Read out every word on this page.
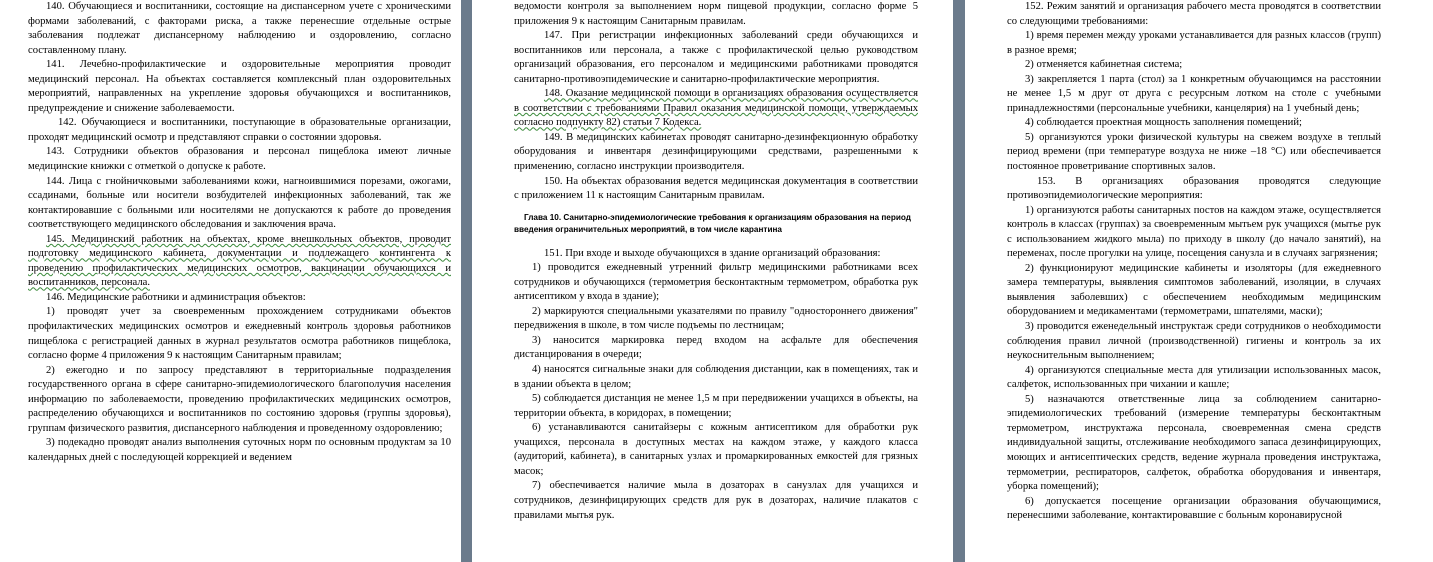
140. Обучающиеся и воспитанники, состоящие на диспансерном учете с хроническими формами заболеваний, с факторами риска, а также перенесшие отдельные острые заболевания подлежат диспансерному наблюдению и оздоровлению, согласно составленному плану.

141. Лечебно-профилактические и оздоровительные мероприятия проводит медицинский персонал. На объектах составляется комплексный план оздоровительных мероприятий, направленных на укрепление здоровья обучающихся и воспитанников, предупреждение и снижение заболеваемости.

142. Обучающиеся и воспитанники, поступающие в образовательные организации, проходят медицинский осмотр и представляют справки о состоянии здоровья.

143. Сотрудники объектов образования и персонал пищеблока имеют личные медицинские книжки с отметкой о допуске к работе.

144. Лица с гнойничковыми заболеваниями кожи, нагноившимися порезами, ожогами, ссадинами, больные или носители возбудителей инфекционных заболеваний, так же контактировавшие с больными или носителями не допускаются к работе до проведения соответствующего медицинского обследования и заключения врача.

145. Медицинский работник на объектах, кроме внешкольных объектов, проводит подготовку медицинского кабинета, документации и подлежащего контингента к проведению профилактических медицинских осмотров, вакцинации обучающихся и воспитанников, персонала.

146. Медицинские работники и администрация объектов:

1) проводят учет за своевременным прохождением сотрудниками объектов профилактических медицинских осмотров и ежедневный контроль здоровья работников пищеблока с регистрацией данных в журнал результатов осмотра работников пищеблока, согласно форме 4 приложения 9 к настоящим Санитарным правилам;

2) ежегодно и по запросу представляют в территориальные подразделения государственного органа в сфере санитарно-эпидемиологического благополучия населения информацию по заболеваемости, проведению профилактических медицинских осмотров, распределению обучающихся и воспитанников по состоянию здоровья (группы здоровья), группам физического развития, диспансерного наблюдения и проведенному оздоровлению;

3) подекадно проводят анализ выполнения суточных норм по основным продуктам за 10 календарных дней с последующей коррекцией и ведением

ведомости контроля за выполнением норм пищевой продукции, согласно форме 5 приложения 9 к настоящим Санитарным правилам.

147. При регистрации инфекционных заболеваний среди обучающихся и воспитанников или персонала, а также с профилактической целью руководством организаций образования, его персоналом и медицинскими работниками проводятся санитарно-противоэпидемические и санитарно-профилактические мероприятия.

148. Оказание медицинской помощи в организациях образования осуществляется в соответствии с требованиями Правил оказания медицинской помощи, утверждаемых согласно подпункту 82) статьи 7 Кодекса.

149. В медицинских кабинетах проводят санитарно-дезинфекционную обработку оборудования и инвентаря дезинфицирующими средствами, разрешенными к применению, согласно инструкции производителя.

150. На объектах образования ведется медицинская документация в соответствии с приложением 11 к настоящим Санитарным правилам.

Глава 10. Санитарно-эпидемиологические требования к организациям образования на период введения ограничительных мероприятий, в том числе карантина

151. При входе и выходе обучающихся в здание организаций образования:

1) проводится ежедневный утренний фильтр медицинскими работниками всех сотрудников и обучающихся (термометрия бесконтактным термометром, обработка рук антисептиком у входа в здание);

2) маркируются специальными указателями по правилу "одностороннего движения" передвижения в школе, в том числе подъемы по лестницам;

3) наносится маркировка перед входом на асфальте для обеспечения дистанцирования в очереди;

4) наносятся сигнальные знаки для соблюдения дистанции, как в помещениях, так и в здании объекта в целом;

5) соблюдается дистанция не менее 1,5 м при передвижении учащихся в объекты, на территории объекта, в коридорах, в помещении;

6) устанавливаются санитайзеры с кожным антисептиком для обработки рук учащихся, персонала в доступных местах на каждом этаже, у каждого класса (аудиторий, кабинета), в санитарных узлах и промаркированных емкостей для грязных масок;

7) обеспечивается наличие мыла в дозаторах в санузлах для учащихся и сотрудников, дезинфицирующих средств для рук в дозаторах, наличие плакатов с правилами мытья рук.

152. Режим занятий и организация рабочего места проводятся в соответствии со следующими требованиями:

1) время перемен между уроками устанавливается для разных классов (групп) в разное время;

2) отменяется кабинетная система;

3) закрепляется 1 парта (стол) за 1 конкретным обучающимся на расстоянии не менее 1,5 м друг от друга с ресурсным лотком на столе с учебными принадлежностями (персональные учебники, канцелярия) на 1 учебный день;

4) соблюдается проектная мощность заполнения помещений;

5) организуются уроки физической культуры на свежем воздухе в теплый период времени (при температуре воздуха не ниже –18 °С) или обеспечивается постоянное проветривание спортивных залов.

153. В организациях образования проводятся следующие противоэпидемиологические мероприятия:

1) организуются работы санитарных постов на каждом этаже, осуществляется контроль в классах (группах) за своевременным мытьем рук учащихся (мытье рук с использованием жидкого мыла) по приходу в школу (до начало занятий), на переменах, после прогулки на улице, посещения санузла и в случаях загрязнения;

2) функционируют медицинские кабинеты и изоляторы (для ежедневного замера температуры, выявления симптомов заболеваний, изоляции, в случаях выявления заболевших) с обеспечением необходимым медицинским оборудованием и медикаментами (термометрами, шпателями, маски);

3) проводится еженедельный инструктаж среди сотрудников о необходимости соблюдения правил личной (производственной) гигиены и контроль за их неукоснительным выполнением;

4) организуются специальные места для утилизации использованных масок, салфеток, использованных при чихании и кашле;

5) назначаются ответственные лица за соблюдением санитарно-эпидемиологических требований (измерение температуры бесконтактным термометром, инструктажа персонала, своевременная смена средств индивидуальной защиты, отслеживание необходимого запаса дезинфицирующих, моющих и антисептических средств, ведение журнала проведения инструктажа, термометрии, респираторов, салфеток, обработка оборудования и инвентаря, уборка помещений);

6) допускается посещение организации образования обучающимися, перенесшими заболевание, контактировавшие с больным коронавирусной
